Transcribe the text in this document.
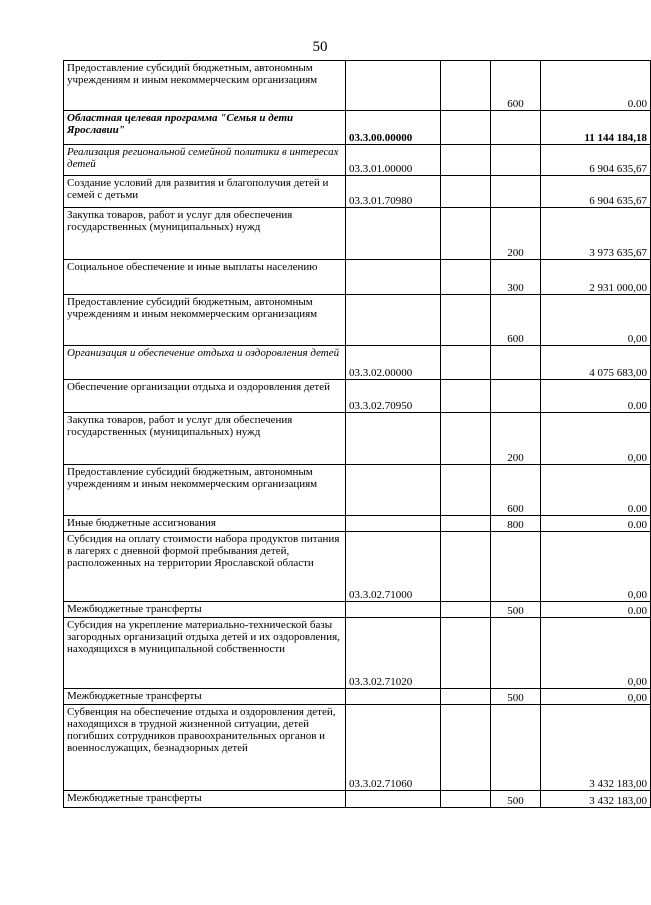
50
Предоставление субсидий бюджетным, автономным учреждениям и иным некоммерческим организациям			600	0.00
Областная целевая программа "Семья и дети Ярославии"	03.3.00.00000			11 144 184,18
Реализация региональной семейной политики в интересах детей	03.3.01.00000			6 904 635,67
Создание условий для развития и благополучия детей и семей с детьми	03.3.01.70980			6 904 635,67
Закупка товаров, работ и услуг для обеспечения государственных (муниципальных) нужд			200	3 973 635,67
Социальное обеспечение и иные выплаты населению			300	2 931 000,00
Предоставление субсидий бюджетным, автономным учреждениям и иным некоммерческим организациям			600	0,00
Организация и обеспечение отдыха и оздоровления детей	03.3.02.00000			4 075 683,00
Обеспечение организации отдыха и оздоровления детей	03.3.02.70950			0.00
Закупка товаров, работ и услуг для обеспечения государственных (муниципальных) нужд			200	0,00
Предоставление субсидий бюджетным, автономным учреждениям и иным некоммерческим организациям			600	0.00
Иные бюджетные ассигнования			800	0.00
Субсидия на оплату стоимости набора продуктов питания в лагерях с дневной формой пребывания детей, расположенных на территории Ярославской области	03.3.02.71000			0,00
Межбюджетные трансферты			500	0.00
Субсидия на укрепление материально-технической базы загородных организаций отдыха детей и их оздоровления, находящихся в муниципальной собственности	03.3.02.71020			0,00
Межбюджетные трансферты			500	0,00
Субвенция на обеспечение отдыха и оздоровления детей, находящихся в трудной жизненной ситуации, детей погибших сотрудников правоохранительных органов и военнослужащих, безнадзорных детей	03.3.02.71060			3 432 183,00
Межбюджетные трансферты			500	3 432 183,00
